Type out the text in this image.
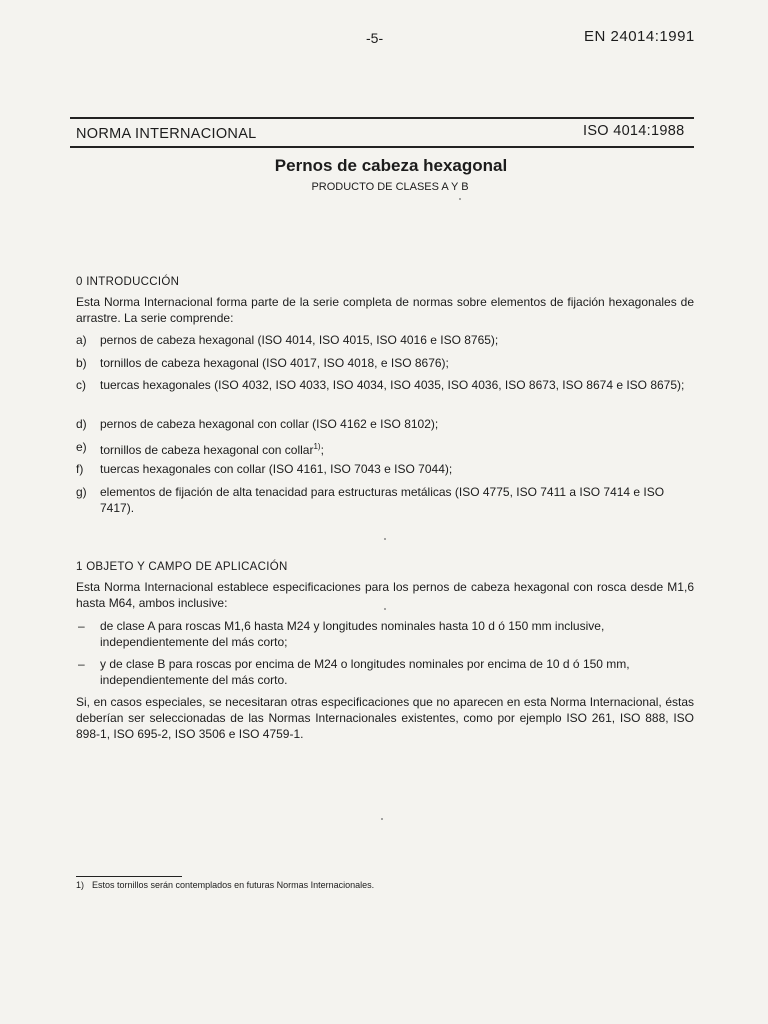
-5-	EN 24014:1991
NORMA INTERNACIONAL	ISO 4014:1988
Pernos de cabeza hexagonal
PRODUCTO DE CLASES A Y B
0 INTRODUCCIÓN
Esta Norma Internacional forma parte de la serie completa de normas sobre elementos de fijación hexagonales de arrastre. La serie comprende:
a) pernos de cabeza hexagonal (ISO 4014, ISO 4015, ISO 4016 e ISO 8765);
b) tornillos de cabeza hexagonal (ISO 4017, ISO 4018, e ISO 8676);
c) tuercas hexagonales (ISO 4032, ISO 4033, ISO 4034, ISO 4035, ISO 4036, ISO 8673, ISO 8674 e ISO 8675);
d) pernos de cabeza hexagonal con collar (ISO 4162 e ISO 8102);
e) tornillos de cabeza hexagonal con collar$^{1)}$;
f) tuercas hexagonales con collar (ISO 4161, ISO 7043 e ISO 7044);
g) elementos de fijación de alta tenacidad para estructuras metálicas (ISO 4775, ISO 7411 a ISO 7414 e ISO 7417).
1 OBJETO Y CAMPO DE APLICACIÓN
Esta Norma Internacional establece especificaciones para los pernos de cabeza hexagonal con rosca desde M1,6 hasta M64, ambos inclusive:
– de clase A para roscas M1,6 hasta M24 y longitudes nominales hasta 10 d ó 150 mm inclusive, independientemente del más corto;
– y de clase B para roscas por encima de M24 o longitudes nominales por encima de 10 d ó 150 mm, independientemente del más corto.
Si, en casos especiales, se necesitaran otras especificaciones que no aparecen en esta Norma Internacional, éstas deberían ser seleccionadas de las Normas Internacionales existentes, como por ejemplo ISO 261, ISO 888, ISO 898-1, ISO 695-2, ISO 3506 e ISO 4759-1.
1) Estos tornillos serán contemplados en futuras Normas Internacionales.
